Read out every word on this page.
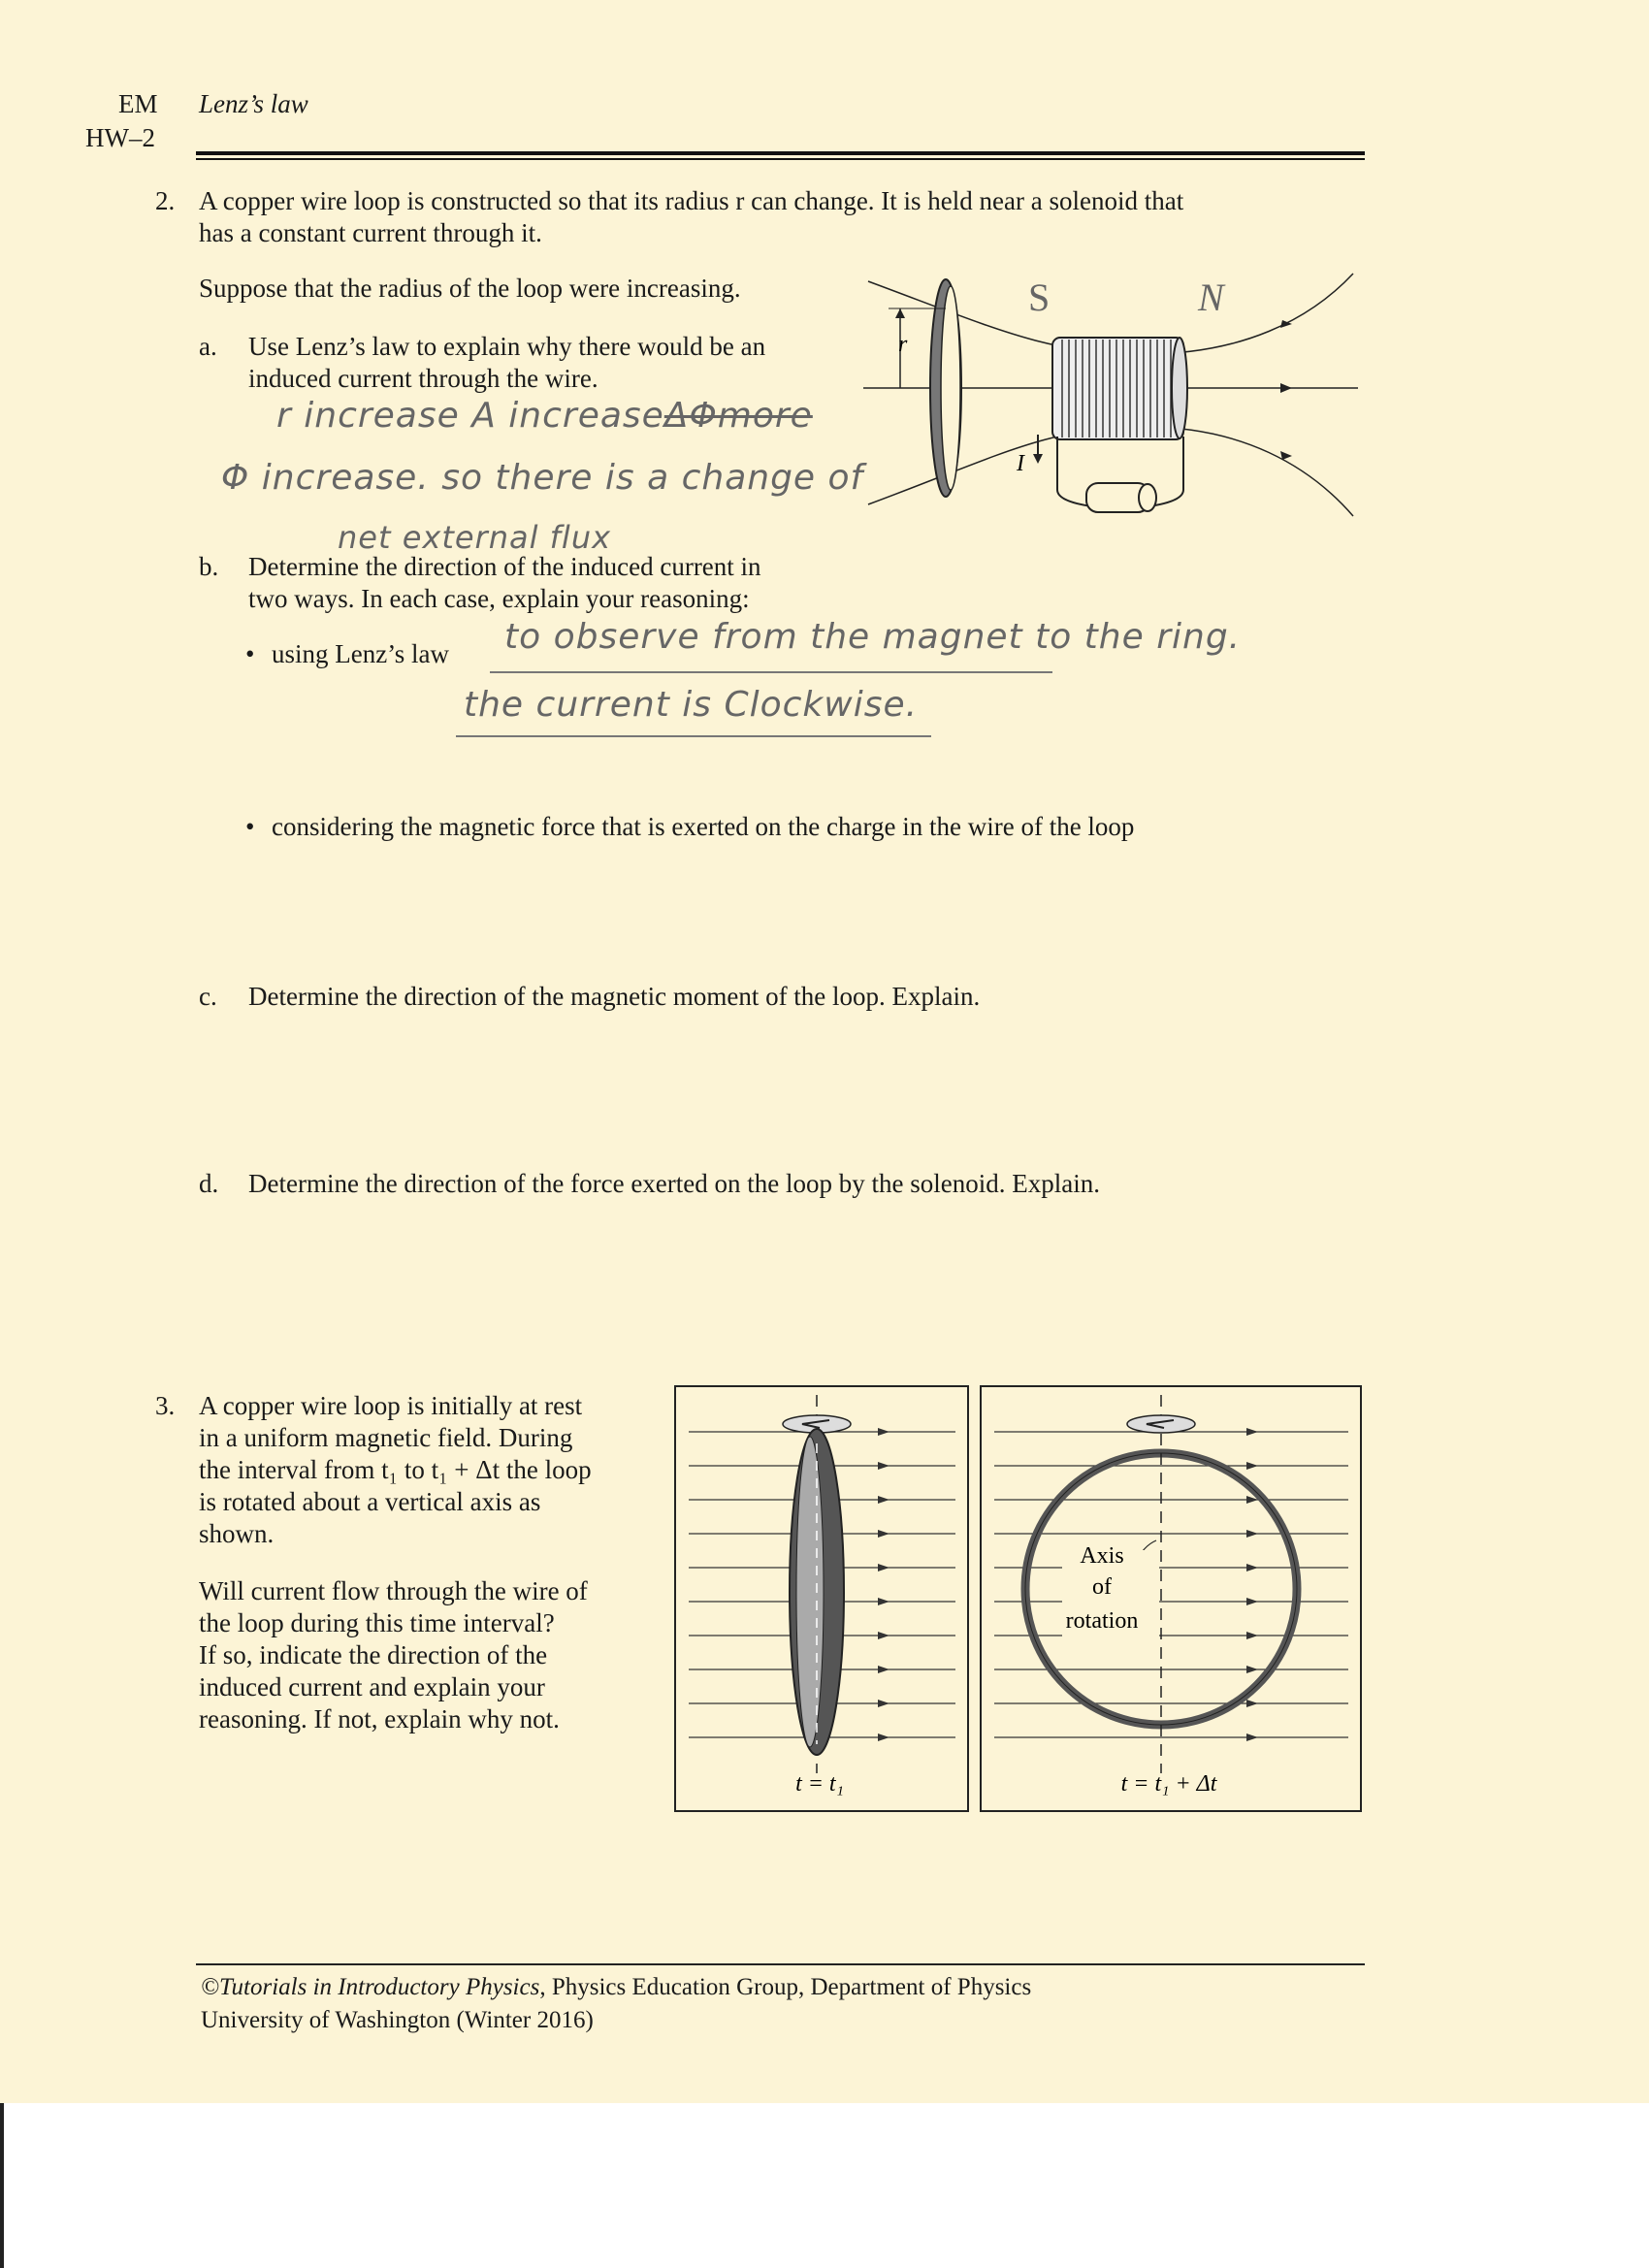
EM Lenz’s law
HW–2
2. A copper wire loop is constructed so that its radius r can change. It is held near a solenoid that
has a constant current through it.
Suppose that the radius of the loop were increasing.
a. Use Lenz’s law to explain why there would be an
induced current through the wire.
r increase A increaseΔΦmore
Φ increase. so there is a change of
net external flux
b. Determine the direction of the induced current in
two ways. In each case, explain your reasoning:
• using Lenz’s law to observe from the magnet to the ring.
the current is Clockwise.
• considering the magnetic force that is exerted on the charge in the wire of the loop
c. Determine the direction of the magnetic moment of the loop. Explain.
d. Determine the direction of the force exerted on the loop by the solenoid. Explain.
I
r
S	N
3. A copper wire loop is initially at rest
in a uniform magnetic field. During
the interval from t₁ to t₁ + Δt the loop
is rotated about a vertical axis as
shown.
Will current flow through the wire of
the loop during this time interval?
If so, indicate the direction of the
induced current and explain your
reasoning. If not, explain why not.
t = t₁
Axis
of
rotation
t = t₁ + Δt
©Tutorials in Introductory Physics, Physics Education Group, Department of Physics
University of Washington (Winter 2016)
